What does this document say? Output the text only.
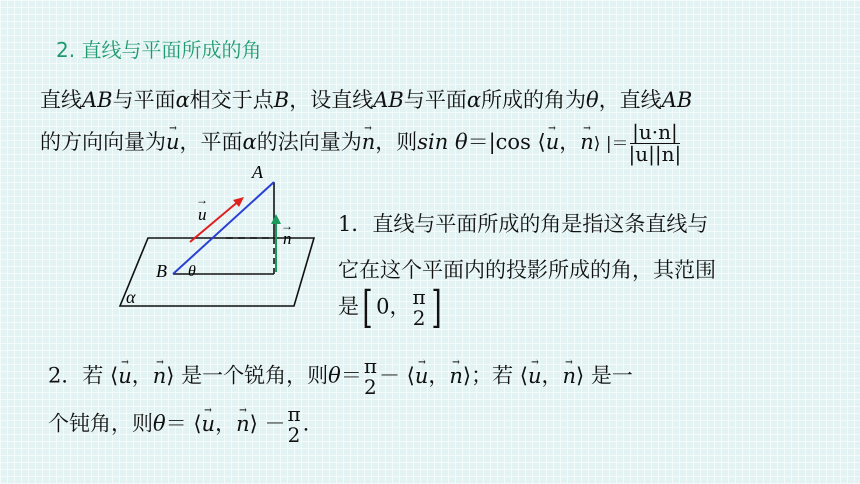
2. 直线与平面所成的角
直线AB与平面α相交于点B，设直线AB与平面α所成的角为θ，直线AB
的方向向量为→ u，平面α的法向量为→ n，则sin θ＝|cos ⟨→ u，→ n⟩ |＝ $\frac{|u\cdot n|}{|u||n|}$
A
B θ
α
u
→
n
→ 1．直线与平面所成的角是指这条直线与
它在这个平面内的投影所成的角，其范围
是[ 0， π
2 ]
2．若 ⟨→ u，→ n⟩ 是一个锐角，则θ＝ π
2 － ⟨→ u，→ n⟩；若 ⟨→ u，→ n⟩ 是一
个钝角，则θ＝ ⟨→ u，→ n⟩ － π
2 .
